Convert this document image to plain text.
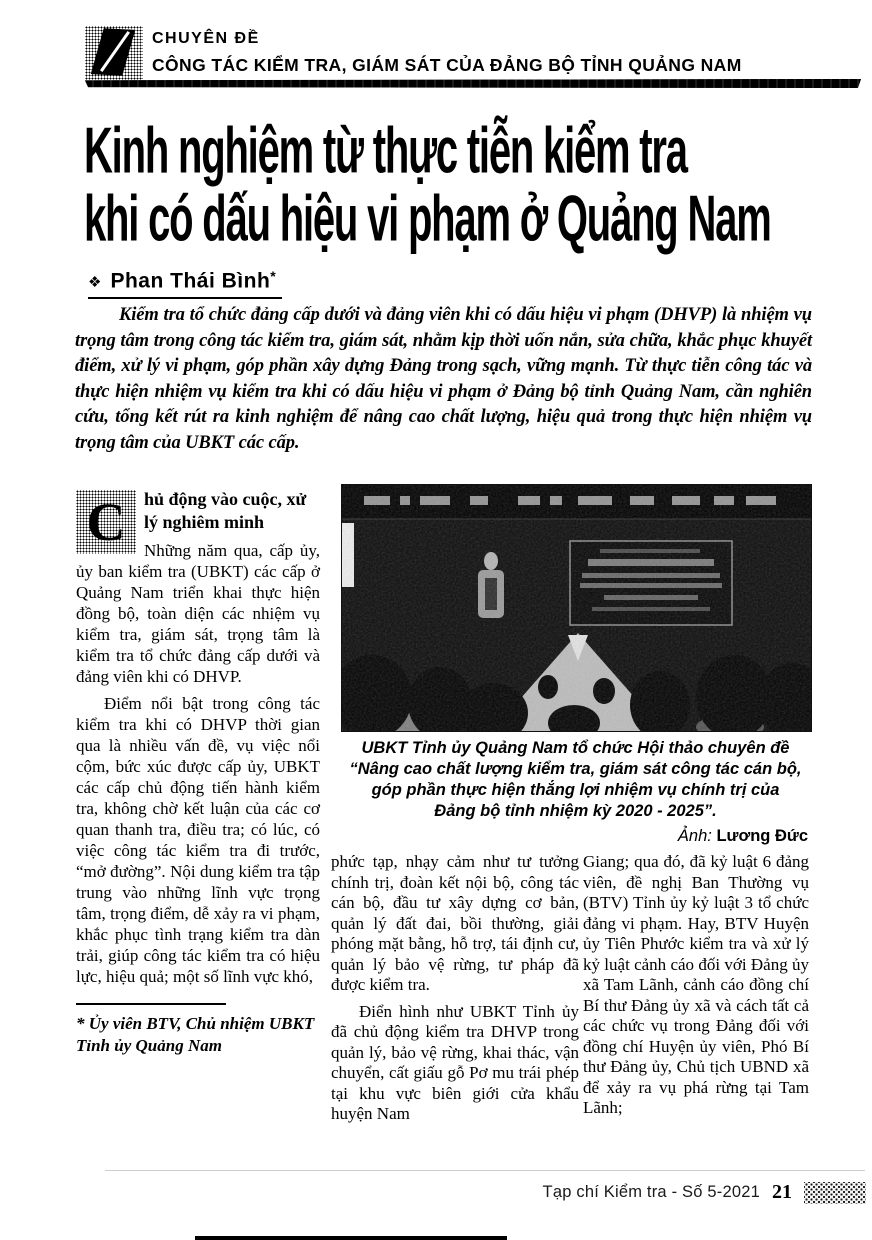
CHUYÊN ĐỀ
CÔNG TÁC KIỂM TRA, GIÁM SÁT CỦA ĐẢNG BỘ TỈNH QUẢNG NAM
Kinh nghiệm từ thực tiễn kiểm tra
khi có dấu hiệu vi phạm ở Quảng Nam
❖ Phan Thái Bình*

Kiểm tra tổ chức đảng cấp dưới và đảng viên khi có dấu hiệu vi phạm (DHVP) là nhiệm vụ trọng tâm trong công tác kiểm tra, giám sát, nhằm kịp thời uốn nắn, sửa chữa, khắc phục khuyết điểm, xử lý vi phạm, góp phần xây dựng Đảng trong sạch, vững mạnh. Từ thực tiễn công tác và thực hiện nhiệm vụ kiểm tra khi có dấu hiệu vi phạm ở Đảng bộ tỉnh Quảng Nam, cần nghiên cứu, tổng kết rút ra kinh nghiệm để nâng cao chất lượng, hiệu quả trong thực hiện nhiệm vụ trọng tâm của UBKT các cấp.

C	hủ động vào cuộc, xử lý nghiêm minh

Những năm qua, cấp ủy, ủy ban kiểm tra (UBKT) các cấp ở Quảng Nam triển khai thực hiện đồng bộ, toàn diện các nhiệm vụ kiểm tra, giám sát, trọng tâm là kiểm tra tổ chức đảng cấp dưới và đảng viên khi có DHVP.

Điểm nổi bật trong công tác kiểm tra khi có DHVP thời gian qua là nhiều vấn đề, vụ việc nổi cộm, bức xúc được cấp ủy, UBKT các cấp chủ động tiến hành kiểm tra, không chờ kết luận của các cơ quan thanh tra, điều tra; có lúc, có việc công tác kiểm tra đi trước, “mở đường”. Nội dung kiểm tra tập trung vào những lĩnh vực trọng tâm, trọng điểm, dễ xảy ra vi phạm, khắc phục tình trạng kiểm tra dàn trải, giúp công tác kiểm tra có hiệu lực, hiệu quả; một số lĩnh vực khó,

* Ủy viên BTV, Chủ nhiệm UBKT Tỉnh ủy Quảng Nam

UBKT Tỉnh ủy Quảng Nam tổ chức Hội thảo chuyên đề
“Nâng cao chất lượng kiểm tra, giám sát công tác cán bộ,
góp phần thực hiện thắng lợi nhiệm vụ chính trị của
Đảng bộ tỉnh nhiệm kỳ 2020 - 2025”.
Ảnh: Lương Đức

phức tạp, nhạy cảm như tư tưởng chính trị, đoàn kết nội bộ, công tác cán bộ, đầu tư xây dựng cơ bản, quản lý đất đai, bồi thường, giải phóng mặt bằng, hỗ trợ, tái định cư, quản lý bảo vệ rừng, tư pháp đã được kiểm tra.

Điển hình như UBKT Tỉnh ủy đã chủ động kiểm tra DHVP trong quản lý, bảo vệ rừng, khai thác, vận chuyển, cất giấu gỗ Pơ mu trái phép tại khu vực biên giới cửa khẩu huyện Nam

Giang; qua đó, đã kỷ luật 6 đảng viên, đề nghị Ban Thường vụ (BTV) Tỉnh ủy kỷ luật 3 tổ chức đảng vi phạm. Hay, BTV Huyện ủy Tiên Phước kiểm tra và xử lý kỷ luật cảnh cáo đối với Đảng ủy xã Tam Lãnh, cảnh cáo đồng chí Bí thư Đảng ủy xã và cách tất cả các chức vụ trong Đảng đối với đồng chí Huyện ủy viên, Phó Bí thư Đảng ủy, Chủ tịch UBND xã để xảy ra vụ phá rừng tại Tam Lãnh;

Tạp chí Kiểm tra - Số 5-2021 21
